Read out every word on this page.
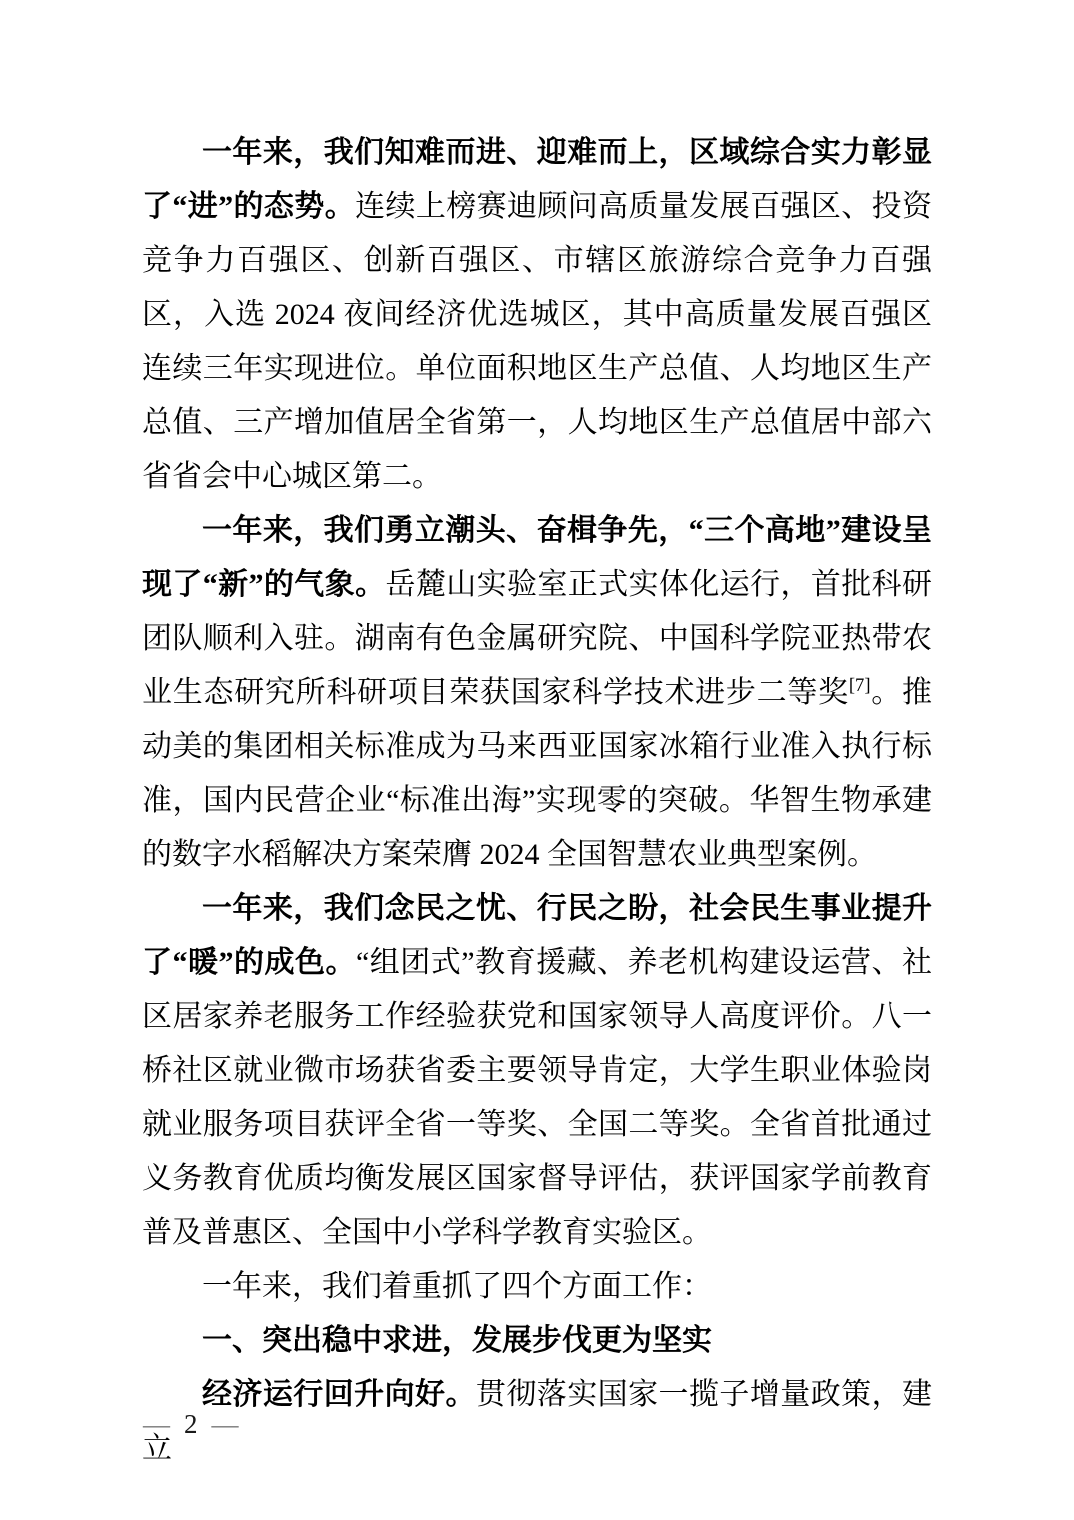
一年来，我们知难而进、迎难而上，区域综合实力彰显了“进”的态势。连续上榜赛迪顾问高质量发展百强区、投资竞争力百强区、创新百强区、市辖区旅游综合竞争力百强区，入选 2024 夜间经济优选城区，其中高质量发展百强区连续三年实现进位。单位面积地区生产总值、人均地区生产总值、三产增加值居全省第一，人均地区生产总值居中部六省省会中心城区第二。

一年来，我们勇立潮头、奋楫争先，“三个高地”建设呈现了“新”的气象。岳麓山实验室正式实体化运行，首批科研团队顺利入驻。湖南有色金属研究院、中国科学院亚热带农业生态研究所科研项目荣获国家科学技术进步二等奖[7]。推动美的集团相关标准成为马来西亚国家冰箱行业准入执行标准，国内民营企业“标准出海”实现零的突破。华智生物承建的数字水稻解决方案荣膺 2024 全国智慧农业典型案例。

一年来，我们念民之忧、行民之盼，社会民生事业提升了“暖”的成色。“组团式”教育援藏、养老机构建设运营、社区居家养老服务工作经验获党和国家领导人高度评价。八一桥社区就业微市场获省委主要领导肯定，大学生职业体验岗就业服务项目获评全省一等奖、全国二等奖。全省首批通过义务教育优质均衡发展区国家督导评估，获评国家学前教育普及普惠区、全国中小学科学教育实验区。

一年来，我们着重抓了四个方面工作：

一、突出稳中求进，发展步伐更为坚实

经济运行回升向好。贯彻落实国家一揽子增量政策，建立

— 2 —
